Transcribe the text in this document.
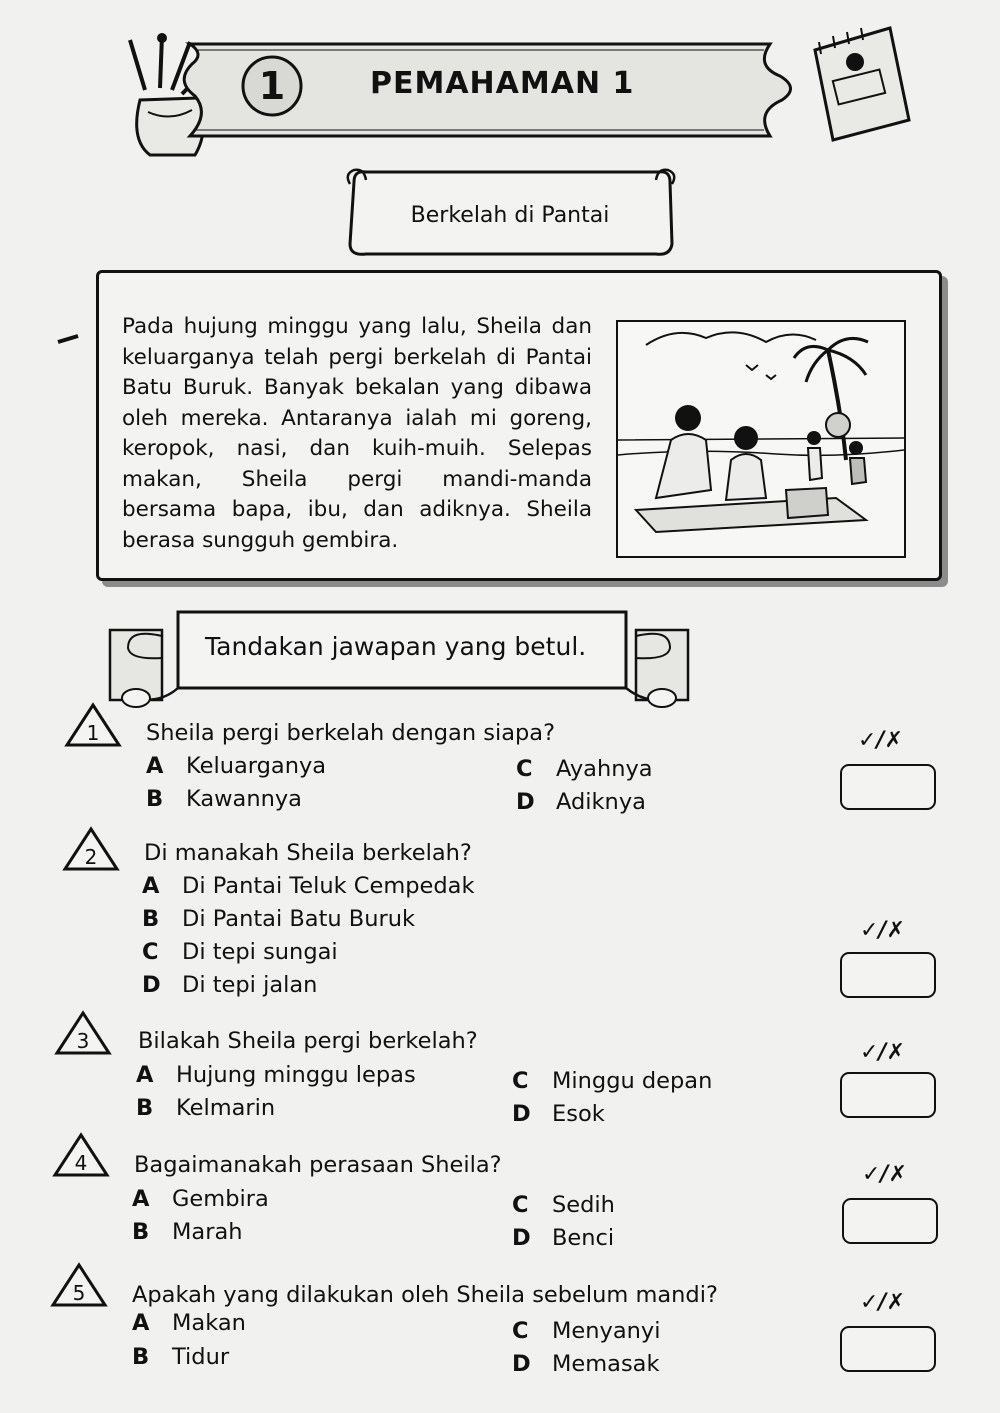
1	PEMAHAMAN 1
Berkelah di Pantai
Pada hujung minggu yang lalu, Sheila dan keluarganya telah pergi berkelah di Pantai Batu Buruk. Banyak bekalan yang dibawa oleh mereka. Antaranya ialah mi goreng, keropok, nasi, dan kuih-muih. Selepas makan, Sheila pergi mandi-manda bersama bapa, ibu, dan adiknya. Sheila berasa sungguh gembira.
Tandakan jawapan yang betul.
1 Sheila pergi berkelah dengan siapa?
A Keluarganya
B Kawannya
C Ayahnya
D Adiknya
✓/✗
2 Di manakah Sheila berkelah?
A Di Pantai Teluk Cempedak
B Di Pantai Batu Buruk
C Di tepi sungai
D Di tepi jalan
✓/✗
3 Bilakah Sheila pergi berkelah?
A Hujung minggu lepas
B Kelmarin
C Minggu depan
D Esok
✓/✗
4 Bagaimanakah perasaan Sheila?
A Gembira
B Marah
C Sedih
D Benci
✓/✗
5 Apakah yang dilakukan oleh Sheila sebelum mandi?
A Makan
B Tidur
C Menyanyi
D Memasak
✓/✗
